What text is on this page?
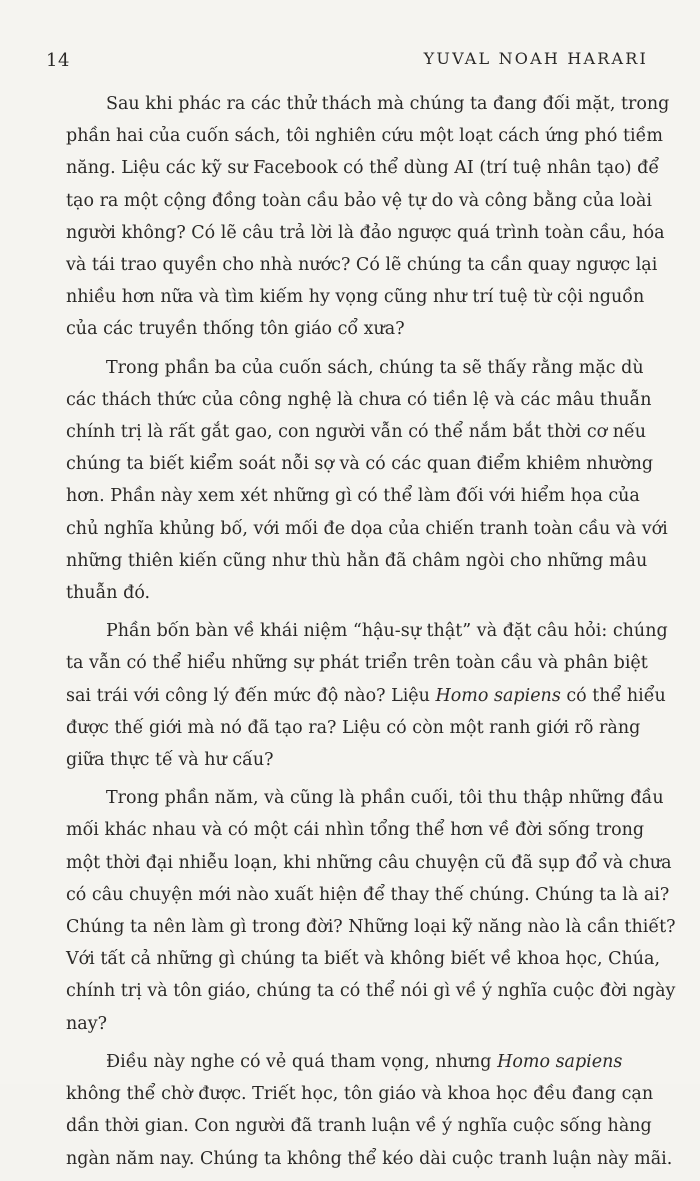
14	YUVAL NOAH HARARI

Sau khi phác ra các thử thách mà chúng ta đang đối mặt, trong phần hai của cuốn sách, tôi nghiên cứu một loạt cách ứng phó tiềm năng. Liệu các kỹ sư Facebook có thể dùng AI (trí tuệ nhân tạo) để tạo ra một cộng đồng toàn cầu bảo vệ tự do và công bằng của loài người không? Có lẽ câu trả lời là đảo ngược quá trình toàn cầu, hóa và tái trao quyền cho nhà nước? Có lẽ chúng ta cần quay ngược lại nhiều hơn nữa và tìm kiếm hy vọng cũng như trí tuệ từ cội nguồn của các truyền thống tôn giáo cổ xưa?

Trong phần ba của cuốn sách, chúng ta sẽ thấy rằng mặc dù các thách thức của công nghệ là chưa có tiền lệ và các mâu thuẫn chính trị là rất gắt gao, con người vẫn có thể nắm bắt thời cơ nếu chúng ta biết kiểm soát nỗi sợ và có các quan điểm khiêm nhường hơn. Phần này xem xét những gì có thể làm đối với hiểm họa của chủ nghĩa khủng bố, với mối đe dọa của chiến tranh toàn cầu và với những thiên kiến cũng như thù hằn đã châm ngòi cho những mâu thuẫn đó.

Phần bốn bàn về khái niệm “hậu-sự thật” và đặt câu hỏi: chúng ta vẫn có thể hiểu những sự phát triển trên toàn cầu và phân biệt sai trái với công lý đến mức độ nào? Liệu Homo sapiens có thể hiểu được thế giới mà nó đã tạo ra? Liệu có còn một ranh giới rõ ràng giữa thực tế và hư cấu?

Trong phần năm, và cũng là phần cuối, tôi thu thập những đầu mối khác nhau và có một cái nhìn tổng thể hơn về đời sống trong một thời đại nhiễu loạn, khi những câu chuyện cũ đã sụp đổ và chưa có câu chuyện mới nào xuất hiện để thay thế chúng. Chúng ta là ai? Chúng ta nên làm gì trong đời? Những loại kỹ năng nào là cần thiết? Với tất cả những gì chúng ta biết và không biết về khoa học, Chúa, chính trị và tôn giáo, chúng ta có thể nói gì về ý nghĩa cuộc đời ngày nay?

Điều này nghe có vẻ quá tham vọng, nhưng Homo sapiens không thể chờ được. Triết học, tôn giáo và khoa học đều đang cạn dần thời gian. Con người đã tranh luận về ý nghĩa cuộc sống hàng ngàn năm nay. Chúng ta không thể kéo dài cuộc tranh luận này mãi.
